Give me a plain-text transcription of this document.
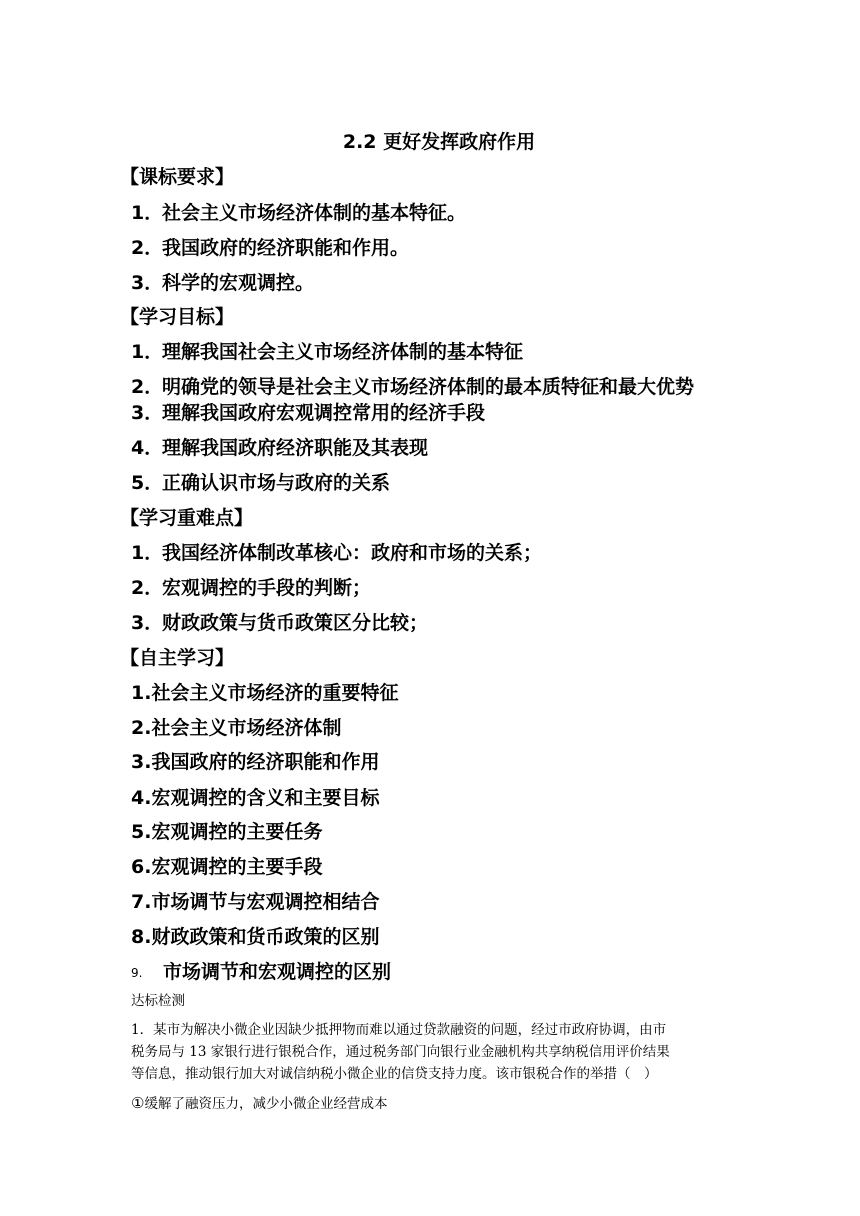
2.2 更好发挥政府作用
【课标要求】
1．社会主义市场经济体制的基本特征。
2．我国政府的经济职能和作用。
3．科学的宏观调控。
【学习目标】
1．理解我国社会主义市场经济体制的基本特征
2．明确党的领导是社会主义市场经济体制的最本质特征和最大优势
3．理解我国政府宏观调控常用的经济手段
4．理解我国政府经济职能及其表现
5．正确认识市场与政府的关系
【学习重难点】
1．我国经济体制改革核心：政府和市场的关系；
2．宏观调控的手段的判断；
3．财政政策与货币政策区分比较；
【自主学习】
1.社会主义市场经济的重要特征
2.社会主义市场经济体制
3.我国政府的经济职能和作用
4.宏观调控的含义和主要目标
5.宏观调控的主要任务
6.宏观调控的主要手段
7.市场调节与宏观调控相结合
8.财政政策和货币政策的区别
9. 市场调节和宏观调控的区别
达标检测
1．某市为解决小微企业因缺少抵押物而难以通过贷款融资的问题，经过市政府协调，由市
税务局与 13 家银行进行银税合作，通过税务部门向银行业金融机构共享纳税信用评价结果
等信息，推动银行加大对诚信纳税小微企业的信贷支持力度。该市银税合作的举措（　）
①缓解了融资压力，减少小微企业经营成本
